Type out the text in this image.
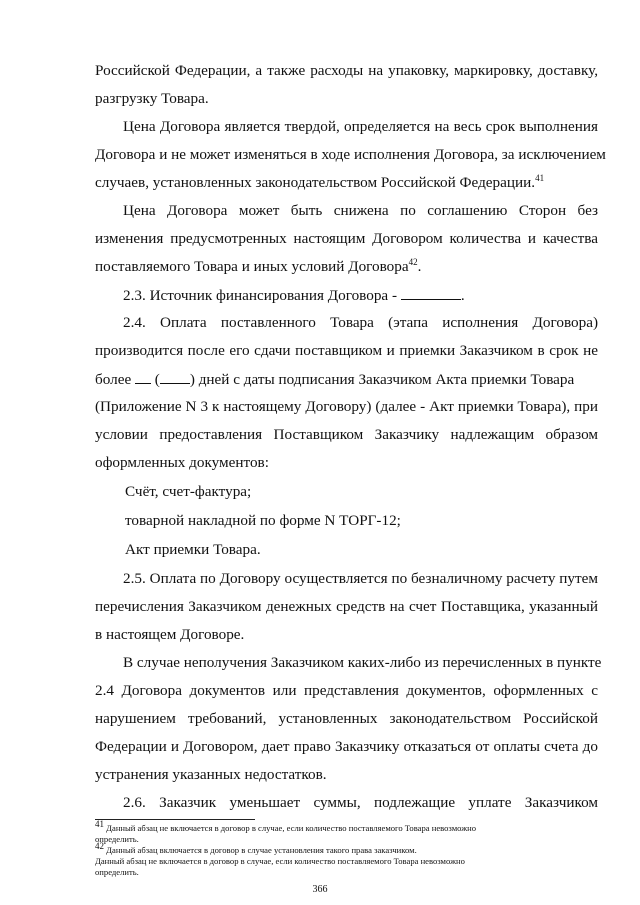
Российской Федерации, а также расходы на упаковку, маркировку, доставку,

разгрузку Товара.

Цена Договора является твердой, определяется на весь срок выполнения

Договора и не может изменяться в ходе исполнения Договора, за исключением

случаев, установленных законодательством Российской Федерации.$^{41}$

Цена Договора может быть снижена по соглашению Сторон без

изменения предусмотренных настоящим Договором количества и качества

поставляемого Товара и иных условий Договора$^{42}$.

2.3. Источник финансирования Договора -	.

2.4. Оплата поставленного Товара (этапа исполнения Договора)

производится после его сдачи поставщиком и приемки Заказчиком в срок не

более ( ) дней с даты подписания Заказчиком Акта приемки Товара

(Приложение N 3 к настоящему Договору) (далее - Акт приемки Товара), при

условии предоставления Поставщиком Заказчику надлежащим образом

оформленных документов:

Счёт, счет-фактура;

товарной накладной по форме N ТОРГ-12;

Акт приемки Товара.

2.5. Оплата по Договору осуществляется по безналичному расчету путем

перечисления Заказчиком денежных средств на счет Поставщика, указанный

в настоящем Договоре.

В случае неполучения Заказчиком каких-либо из перечисленных в пункте

2.4 Договора документов или представления документов, оформленных с

нарушением требований, установленных законодательством Российской

Федерации и Договором, дает право Заказчику отказаться от оплаты счета до

устранения указанных недостатков.

2.6. Заказчик уменьшает суммы, подлежащие уплате Заказчиком

$^{41}$ Данный абзац не включается в договор в случае, если количество поставляемого Товара невозможно

определить.

$^{42}$ Данный абзац включается в договор в случае установления такого права заказчиком.

Данный абзац не включается в договор в случае, если количество поставляемого Товара невозможно

определить.

366
